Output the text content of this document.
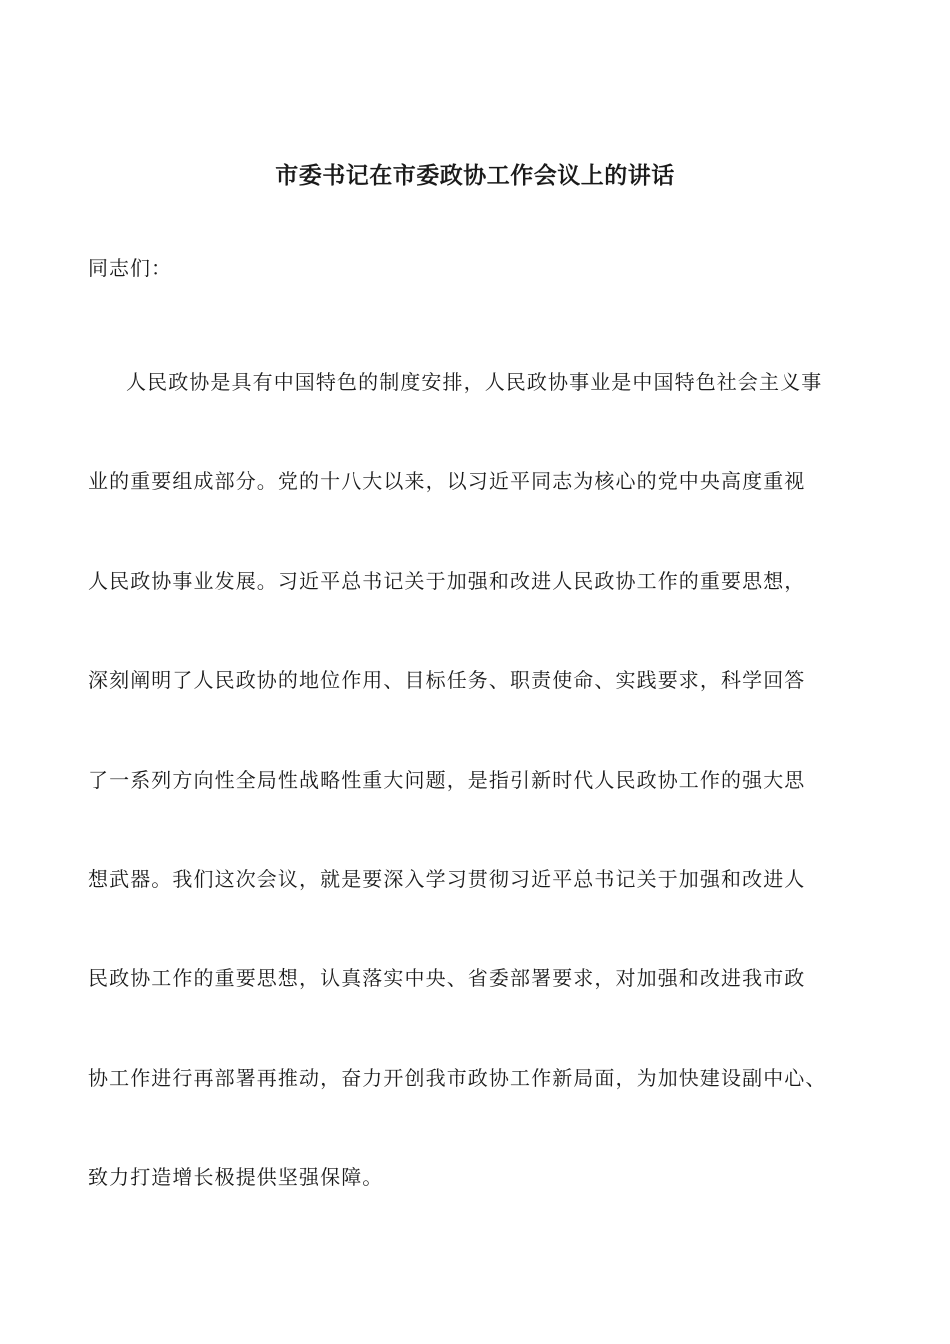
市委书记在市委政协工作会议上的讲话

同志们：

人民政协是具有中国特色的制度安排，人民政协事业是中国特色社会主义事
业的重要组成部分。党的十八大以来，以习近平同志为核心的党中央高度重视
人民政协事业发展。习近平总书记关于加强和改进人民政协工作的重要思想，
深刻阐明了人民政协的地位作用、目标任务、职责使命、实践要求，科学回答
了一系列方向性全局性战略性重大问题，是指引新时代人民政协工作的强大思
想武器。我们这次会议，就是要深入学习贯彻习近平总书记关于加强和改进人
民政协工作的重要思想，认真落实中央、省委部署要求，对加强和改进我市政
协工作进行再部署再推动，奋力开创我市政协工作新局面，为加快建设副中心、
致力打造增长极提供坚强保障。
